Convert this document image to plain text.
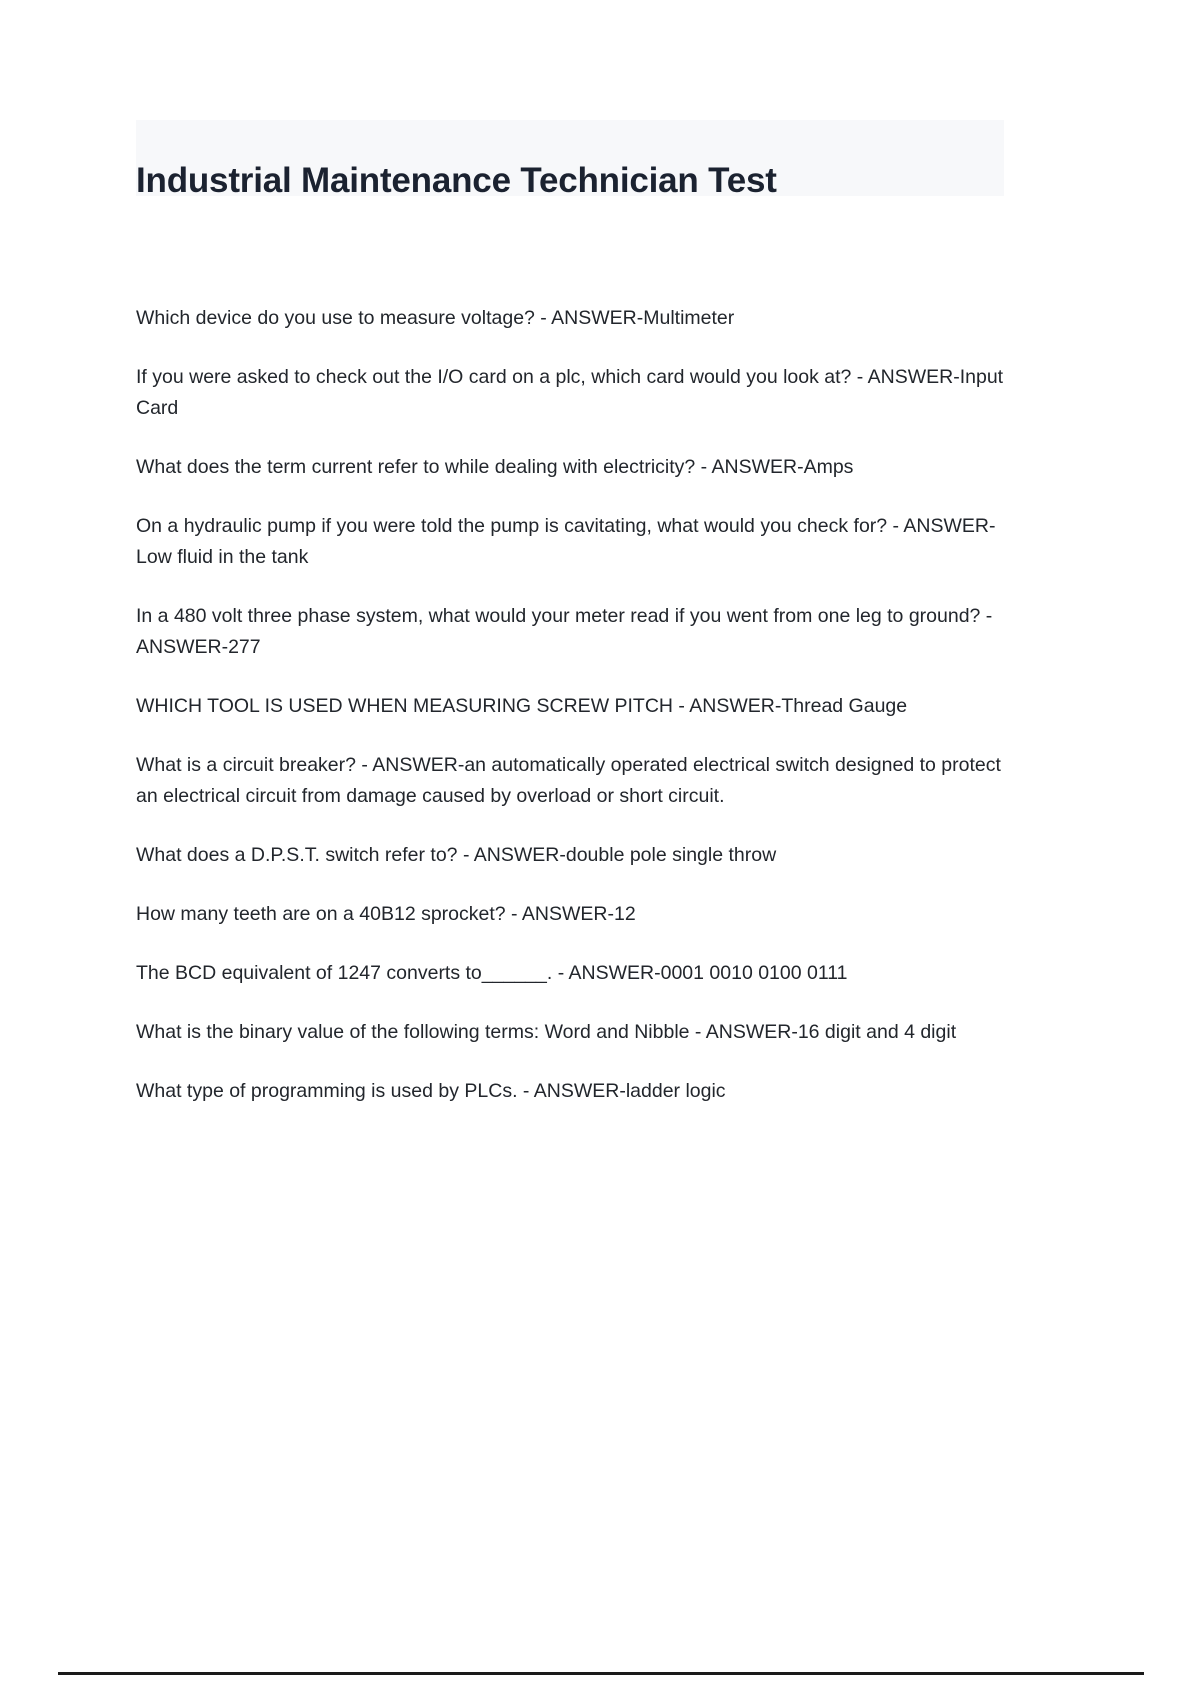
Industrial Maintenance Technician Test

Which device do you use to measure voltage? - ANSWER-Multimeter

If you were asked to check out the I/O card on a plc, which card would you look at? - ANSWER-Input Card

What does the term current refer to while dealing with electricity? - ANSWER-Amps

On a hydraulic pump if you were told the pump is cavitating, what would you check for? - ANSWER-Low fluid in the tank

In a 480 volt three phase system, what would your meter read if you went from one leg to ground? - ANSWER-277

WHICH TOOL IS USED WHEN MEASURING SCREW PITCH - ANSWER-Thread Gauge

What is a circuit breaker? - ANSWER-an automatically operated electrical switch designed to protect an electrical circuit from damage caused by overload or short circuit.

What does a D.P.S.T. switch refer to? - ANSWER-double pole single throw

How many teeth are on a 40B12 sprocket? - ANSWER-12

The BCD equivalent of 1247 converts to______. - ANSWER-0001 0010 0100 0111

What is the binary value of the following terms: Word and Nibble - ANSWER-16 digit and 4 digit

What type of programming is used by PLCs. - ANSWER-ladder logic
